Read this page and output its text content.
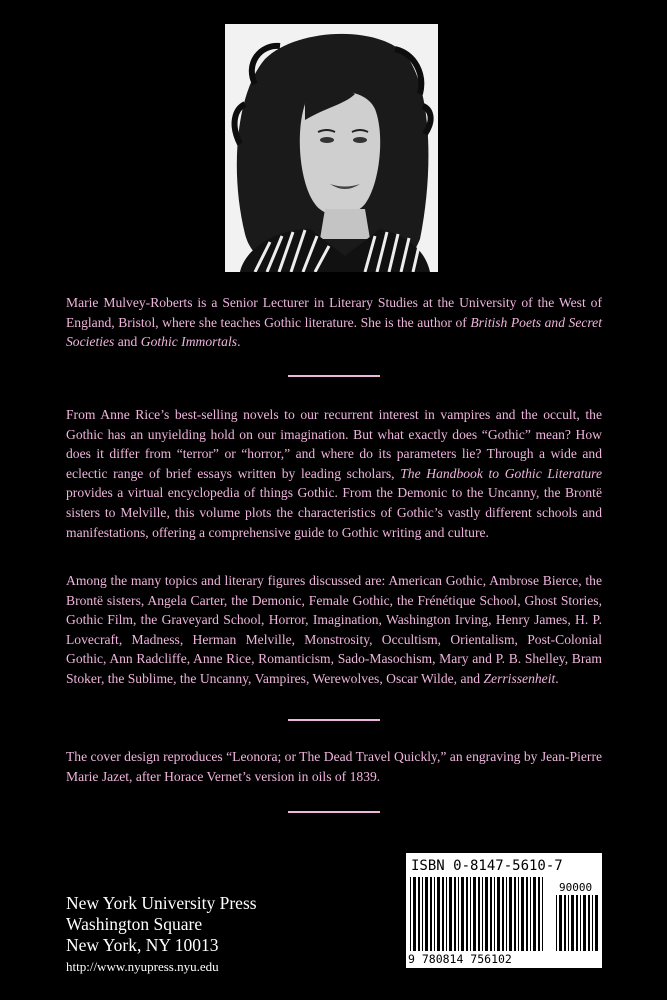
Marie Mulvey-Roberts is a Senior Lecturer in Literary Studies at the University of the West of England, Bristol, where she teaches Gothic literature. She is the author of British Poets and Secret Societies and Gothic Immortals.
From Anne Rice’s best-selling novels to our recurrent interest in vampires and the occult, the Gothic has an unyielding hold on our imagination. But what exactly does “Gothic” mean? How does it differ from “terror” or “horror,” and where do its parameters lie? Through a wide and eclectic range of brief essays written by leading scholars, The Handbook to Gothic Literature provides a virtual encyclopedia of things Gothic. From the Demonic to the Uncanny, the Brontë sisters to Melville, this volume plots the characteristics of Gothic’s vastly different schools and manifestations, offering a comprehensive guide to Gothic writing and culture.
Among the many topics and literary figures discussed are: American Gothic, Ambrose Bierce, the Brontë sisters, Angela Carter, the Demonic, Female Gothic, the Frénétique School, Ghost Stories, Gothic Film, the Graveyard School, Horror, Imagination, Washington Irving, Henry James, H. P. Lovecraft, Madness, Herman Melville, Monstrosity, Occultism, Orientalism, Post-Colonial Gothic, Ann Radcliffe, Anne Rice, Romanticism, Sado-Masochism, Mary and P. B. Shelley, Bram Stoker, the Sublime, the Uncanny, Vampires, Werewolves, Oscar Wilde, and Zerrissenheit.
The cover design reproduces “Leonora; or The Dead Travel Quickly,” an engraving by Jean-Pierre Marie Jazet, after Horace Vernet’s version in oils of 1839.
New York University Press
Washington Square
New York, NY 10013
http://www.nyupress.nyu.edu
ISBN 0-8147-5610-7
90000
9 780814 756102
